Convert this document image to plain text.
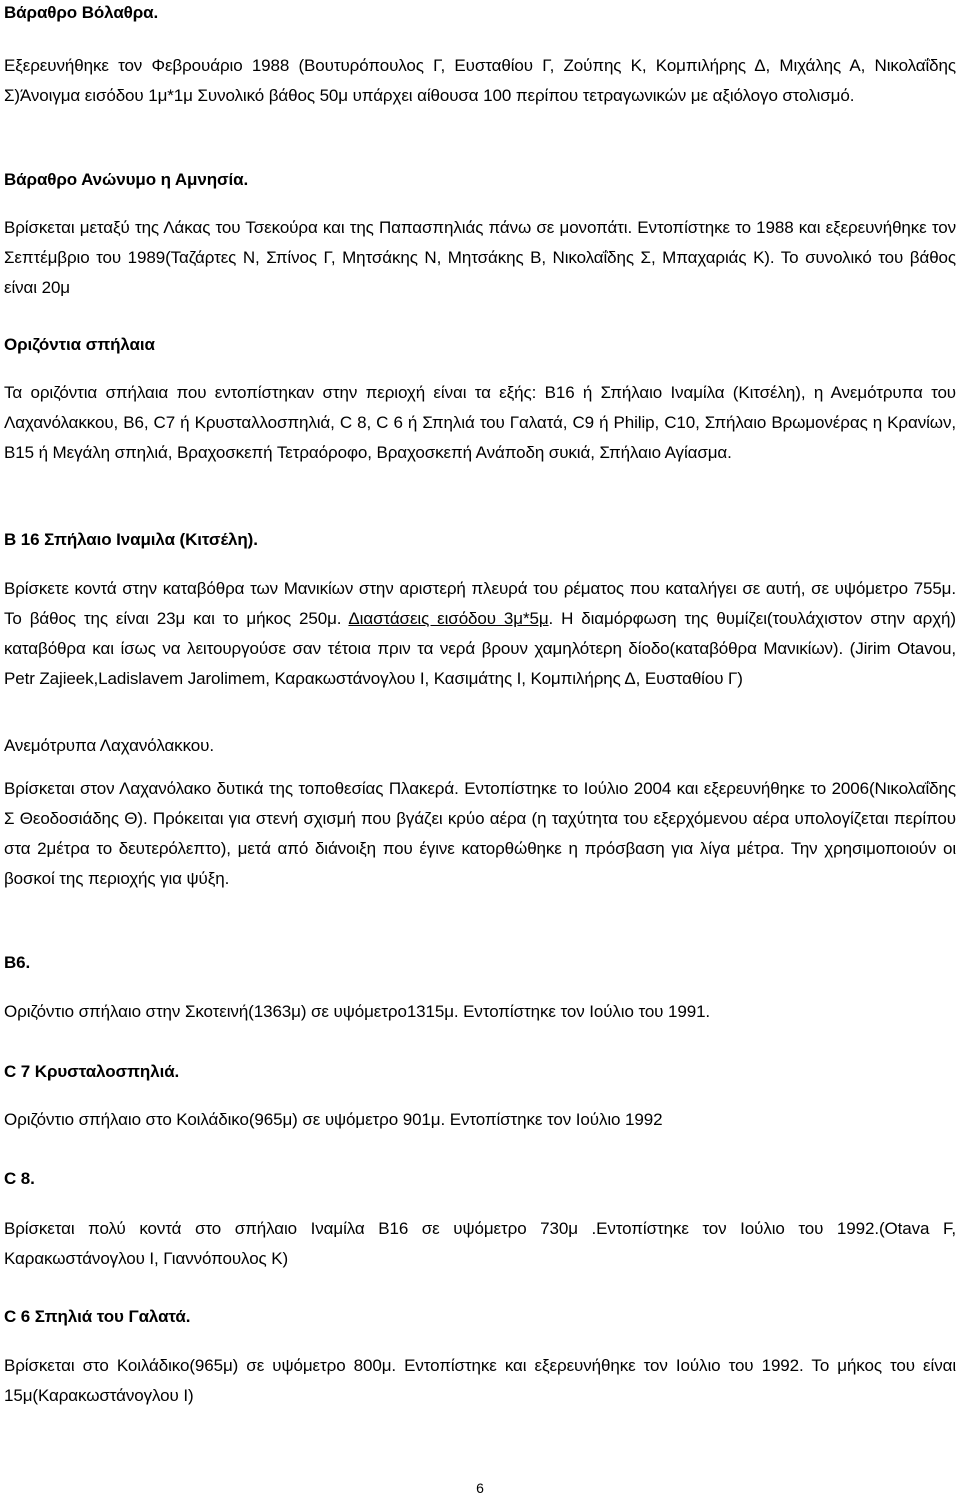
Βάραθρο Βόλαθρα.

Εξερευνήθηκε τον Φεβρουάριο 1988 (Βουτυρόπουλος Γ, Ευσταθίου Γ, Ζούπης Κ, Κομπιλήρης Δ, Μιχάλης Α, Νικολαΐδης Σ)Άνοιγμα εισόδου 1μ*1μ Συνολικό βάθος 50μ υπάρχει αίθουσα 100 περίπου τετραγωνικών με αξιόλογο στολισμό.

Βάραθρο Ανώνυμο η Αμνησία.

Βρίσκεται μεταξύ της Λάκας του Τσεκούρα και της Παπασπηλιάς πάνω σε μονοπάτι. Εντοπίστηκε το 1988 και εξερευνήθηκε τον Σεπτέμβριο του 1989(Ταζάρτες Ν, Σπίνος Γ, Μητσάκης Ν, Μητσάκης Β, Νικολαΐδης Σ, Μπαχαριάς Κ). Το συνολικό του βάθος είναι 20μ

Οριζόντια σπήλαια

Τα οριζόντια σπήλαια που εντοπίστηκαν στην περιοχή είναι τα εξής: Β16 ή Σπήλαιο Ιναμίλα (Κιτσέλη), η Ανεμότρυπα του Λαχανόλακκου, Β6, C7 ή Κρυσταλλοσπηλιά, C 8, C 6 ή Σπηλιά του Γαλατά, C9 ή Philip, C10, Σπήλαιο Βρωμονέρας η Κρανίων, Β15 ή Μεγάλη σπηλιά, Βραχοσκεπή Τετραόροφο, Βραχοσκεπή Ανάποδη συκιά, Σπήλαιο Αγίασμα.

Β 16 Σπήλαιο Ιναμιλα (Κιτσέλη).

Βρίσκετε κοντά στην καταβόθρα των Μανικίων στην αριστερή πλευρά του ρέματος που καταλήγει σε αυτή, σε υψόμετρο 755μ. Το βάθος της είναι 23μ και το μήκος 250μ. Διαστάσεις εισόδου 3μ*5μ. Η διαμόρφωση της θυμίζει(τουλάχιστον στην αρχή) καταβόθρα και ίσως να λειτουργούσε σαν τέτοια πριν τα νερά βρουν χαμηλότερη δίοδο(καταβόθρα Μανικίων). (Jirim Otavou, Petr Zajieek,Ladislavem Jarolimem, Καρακωστάνογλου Ι, Κασιμάτης Ι, Κομπιλήρης Δ, Ευσταθίου Γ)

Ανεμότρυπα Λαχανόλακκου.

Βρίσκεται στον Λαχανόλακο δυτικά της τοποθεσίας Πλακερά. Εντοπίστηκε το Ιούλιο 2004 και εξερευνήθηκε το 2006(Νικολαΐδης Σ Θεοδοσιάδης Θ). Πρόκειται για στενή σχισμή που βγάζει κρύο αέρα (η ταχύτητα του εξερχόμενου αέρα υπολογίζεται περίπου στα 2μέτρα το δευτερόλεπτο), μετά από διάνοιξη που έγινε κατορθώθηκε η πρόσβαση για λίγα μέτρα. Την χρησιμοποιούν οι βοσκοί της περιοχής για ψύξη.

Β6.

Οριζόντιο σπήλαιο στην Σκοτεινή(1363μ) σε υψόμετρο1315μ. Εντοπίστηκε τον Ιούλιο του 1991.

C 7 Κρυσταλοσπηλιά.

Οριζόντιο σπήλαιο στο Κοιλάδικο(965μ) σε υψόμετρο 901μ. Εντοπίστηκε τον Ιούλιο 1992

C 8.

Βρίσκεται πολύ κοντά στο σπήλαιο Ιναμίλα Β16 σε υψόμετρο 730μ .Εντοπίστηκε τον Ιούλιο του 1992.(Otava F, Καρακωστάνογλου Ι, Γιαννόπουλος Κ)

C 6 Σπηλιά του Γαλατά.

Βρίσκεται στο Κοιλάδικο(965μ) σε υψόμετρο 800μ. Εντοπίστηκε και εξερευνήθηκε τον Ιούλιο του 1992. Το μήκος του είναι 15μ(Καρακωστάνογλου Ι)

6
